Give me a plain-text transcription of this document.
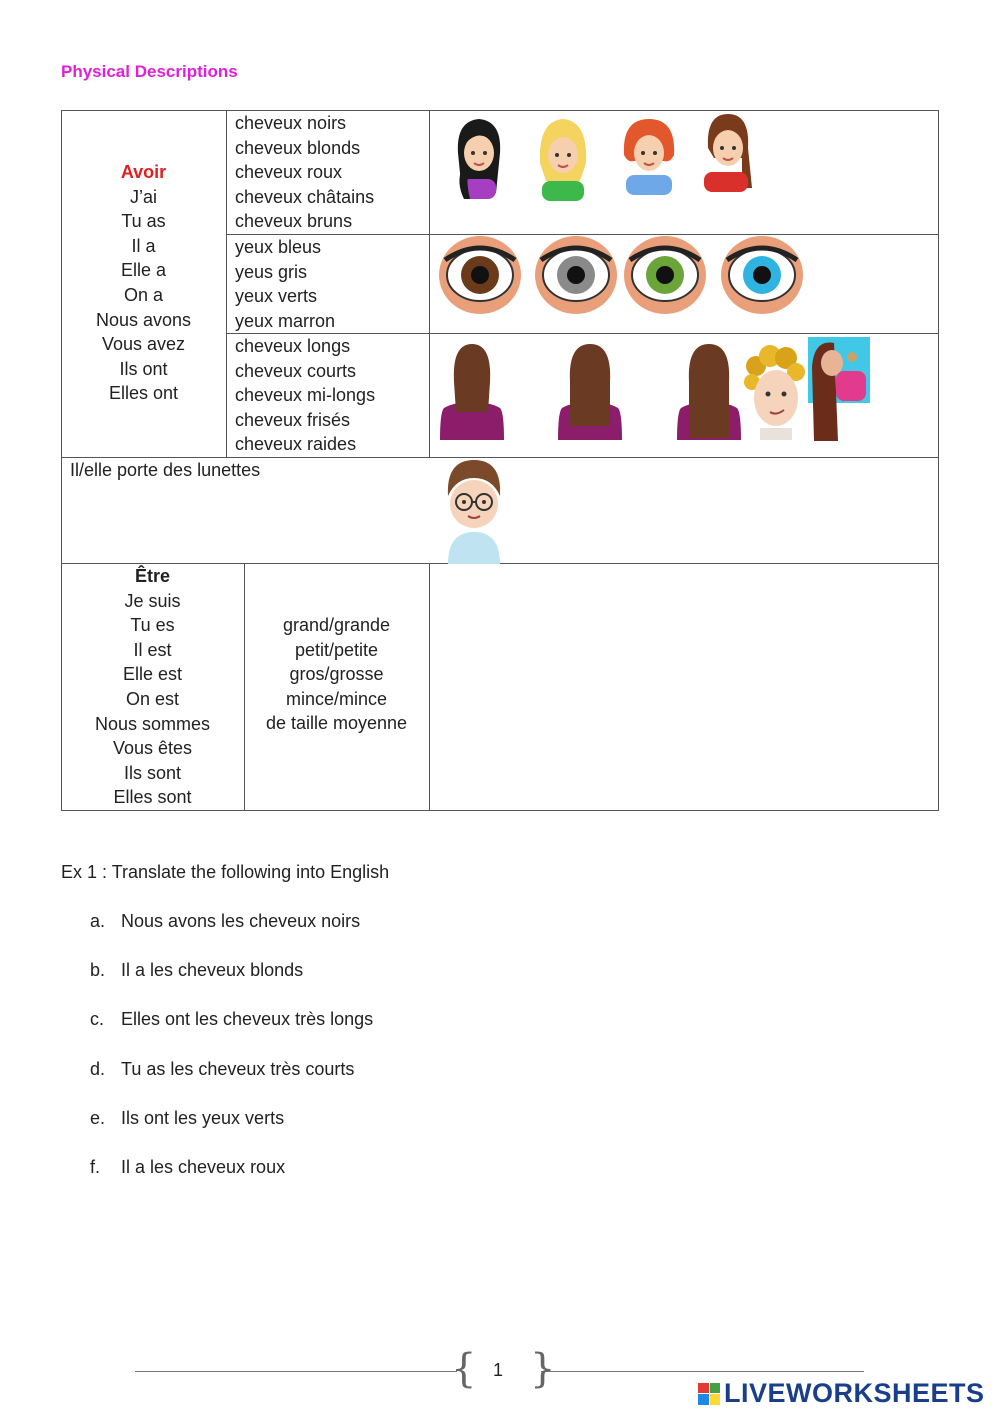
Physical Descriptions
Avoir
J’ai
Tu as
Il a
Elle a
On a
Nous avons
Vous avez
Ils ont
Elles ont
cheveux noirs
cheveux blonds
cheveux roux
cheveux châtains
cheveux bruns
yeux bleus
yeus gris
yeux verts
yeux marron
cheveux longs
cheveux courts
cheveux mi-longs
cheveux frisés
cheveux raides
Il/elle porte des lunettes
Être
Je suis
Tu es
Il est
Elle est
On est
Nous sommes
Vous êtes
Ils sont
Elles sont
grand/grande
petit/petite
gros/grosse
mince/mince
de taille moyenne
Ex 1 : Translate the following into English
a. Nous avons les cheveux noirs
b. Il a les cheveux blonds
c. Elles ont les cheveux très longs
d. Tu as les cheveux très courts
e. Ils ont les yeux verts
f.	Il a les cheveux roux
{ }
1
LIVEWORKSHEETS
